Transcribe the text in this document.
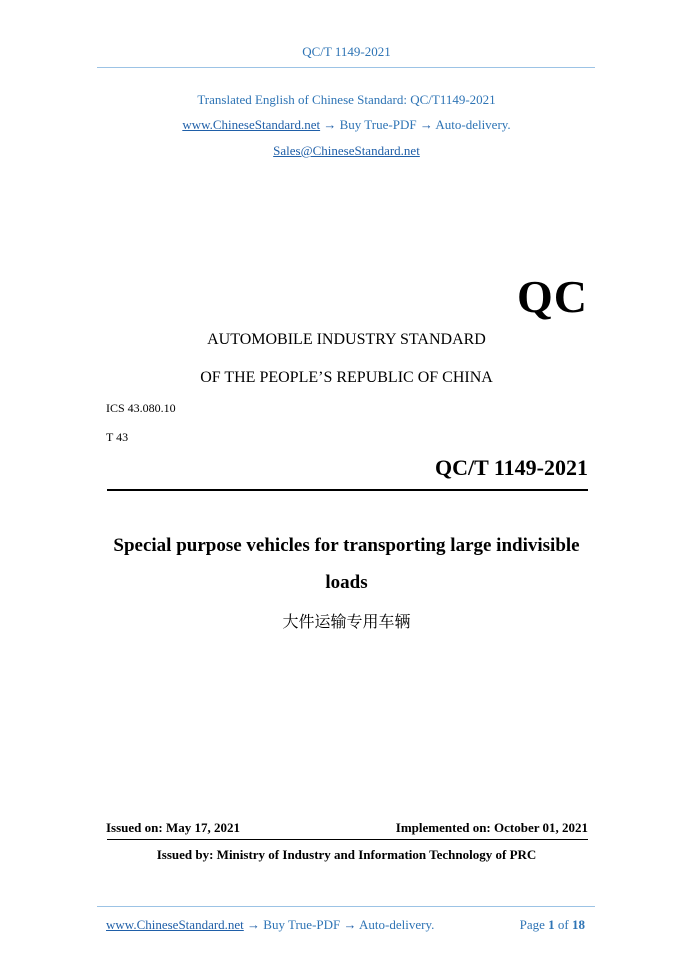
QC/T 1149-2021
Translated English of Chinese Standard: QC/T1149-2021
www.ChineseStandard.net → Buy True-PDF → Auto-delivery.
Sales@ChineseStandard.net
QC
AUTOMOBILE INDUSTRY STANDARD
OF THE PEOPLE’S REPUBLIC OF CHINA
ICS 43.080.10
T 43
QC/T 1149-2021
Special purpose vehicles for transporting large indivisible
loads
大件运输专用车辆
Issued on: May 17, 2021	Implemented on: October 01, 2021
Issued by: Ministry of Industry and Information Technology of PRC
www.ChineseStandard.net → Buy True-PDF → Auto-delivery.	Page 1 of 18
